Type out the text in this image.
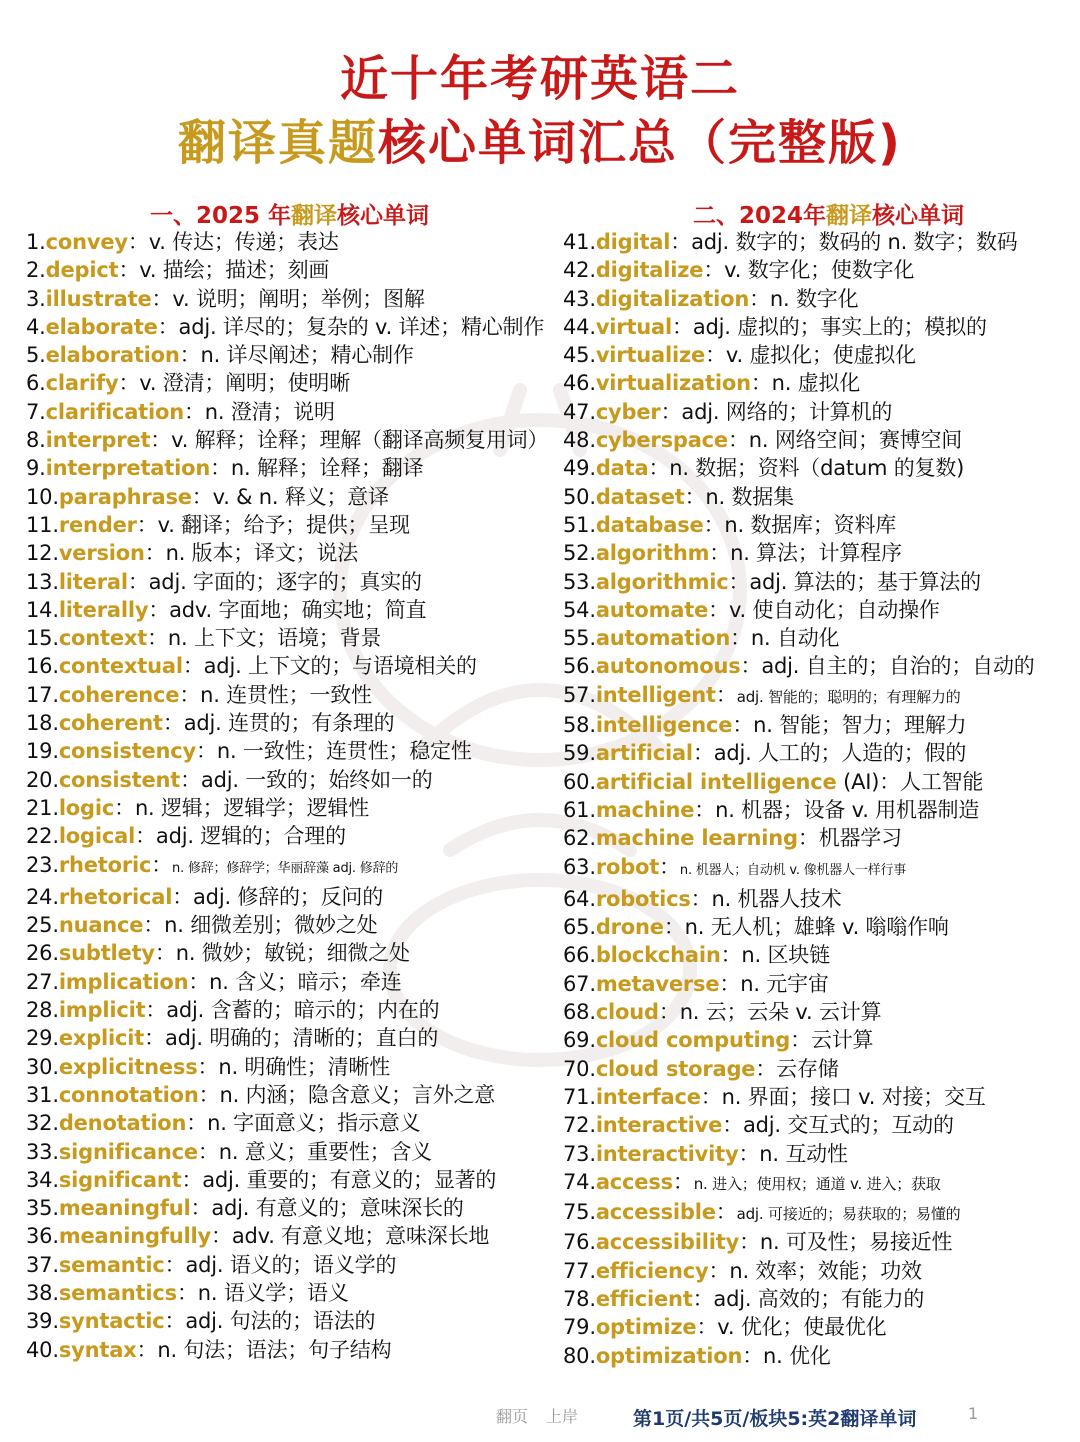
近十年考研英语二
翻译真题核心单词汇总（完整版)
一、2025 年翻译核心单词	二、2024年翻译核心单词
1.convey：v. 传达；传递；表达
2.depict：v. 描绘；描述；刻画
3.illustrate：v. 说明；阐明；举例；图解
4.elaborate：adj. 详尽的；复杂的 v. 详述；精心制作
5.elaboration：n. 详尽阐述；精心制作
6.clarify：v. 澄清；阐明；使明晰
7.clarification：n. 澄清；说明
8.interpret：v. 解释；诠释；理解（翻译高频复用词）
9.interpretation：n. 解释；诠释；翻译
10.paraphrase：v. & n. 释义；意译
11.render：v. 翻译；给予；提供；呈现
12.version：n. 版本；译文；说法
13.literal：adj. 字面的；逐字的；真实的
14.literally：adv. 字面地；确实地；简直
15.context：n. 上下文；语境；背景
16.contextual：adj. 上下文的；与语境相关的
17.coherence：n. 连贯性；一致性
18.coherent：adj. 连贯的；有条理的
19.consistency：n. 一致性；连贯性；稳定性
20.consistent：adj. 一致的；始终如一的
21.logic：n. 逻辑；逻辑学；逻辑性
22.logical：adj. 逻辑的；合理的
23.rhetoric：n. 修辞；修辞学；华丽辞藻 adj. 修辞的
24.rhetorical：adj. 修辞的；反问的
25.nuance：n. 细微差别；微妙之处
26.subtlety：n. 微妙；敏锐；细微之处
27.implication：n. 含义；暗示；牵连
28.implicit：adj. 含蓄的；暗示的；内在的
29.explicit：adj. 明确的；清晰的；直白的
30.explicitness：n. 明确性；清晰性
31.connotation：n. 内涵；隐含意义；言外之意
32.denotation：n. 字面意义；指示意义
33.significance：n. 意义；重要性；含义
34.significant：adj. 重要的；有意义的；显著的
35.meaningful：adj. 有意义的；意味深长的
36.meaningfully：adv. 有意义地；意味深长地
37.semantic：adj. 语义的；语义学的
38.semantics：n. 语义学；语义
39.syntactic：adj. 句法的；语法的
40.syntax：n. 句法；语法；句子结构
41.digital：adj. 数字的；数码的 n. 数字；数码
42.digitalize：v. 数字化；使数字化
43.digitalization：n. 数字化
44.virtual：adj. 虚拟的；事实上的；模拟的
45.virtualize：v. 虚拟化；使虚拟化
46.virtualization：n. 虚拟化
47.cyber：adj. 网络的；计算机的
48.cyberspace：n. 网络空间；赛博空间
49.data：n. 数据；资料（datum 的复数)
50.dataset：n. 数据集
51.database：n. 数据库；资料库
52.algorithm：n. 算法；计算程序
53.algorithmic：adj. 算法的；基于算法的
54.automate：v. 使自动化；自动操作
55.automation：n. 自动化
56.autonomous：adj. 自主的；自治的；自动的
57.intelligent：adj. 智能的；聪明的；有理解力的
58.intelligence：n. 智能；智力；理解力
59.artificial：adj. 人工的；人造的；假的
60.artificial intelligence (AI)：人工智能
61.machine：n. 机器；设备 v. 用机器制造
62.machine learning：机器学习
63.robot：n. 机器人；自动机 v. 像机器人一样行事
64.robotics：n. 机器人技术
65.drone：n. 无人机；雄蜂 v. 嗡嗡作响
66.blockchain：n. 区块链
67.metaverse：n. 元宇宙
68.cloud：n. 云；云朵 v. 云计算
69.cloud computing：云计算
70.cloud storage：云存储
71.interface：n. 界面；接口 v. 对接；交互
72.interactive：adj. 交互式的；互动的
73.interactivity：n. 互动性
74.access：n. 进入；使用权；通道 v. 进入；获取
75.accessible：adj. 可接近的；易获取的；易懂的
76.accessibility：n. 可及性；易接近性
77.efficiency：n. 效率；效能；功效
78.efficient：adj. 高效的；有能力的
79.optimize：v. 优化；使最优化
80.optimization：n. 优化
翻页 上岸	第1页/共5页/板块5:英2翻译单词	1
